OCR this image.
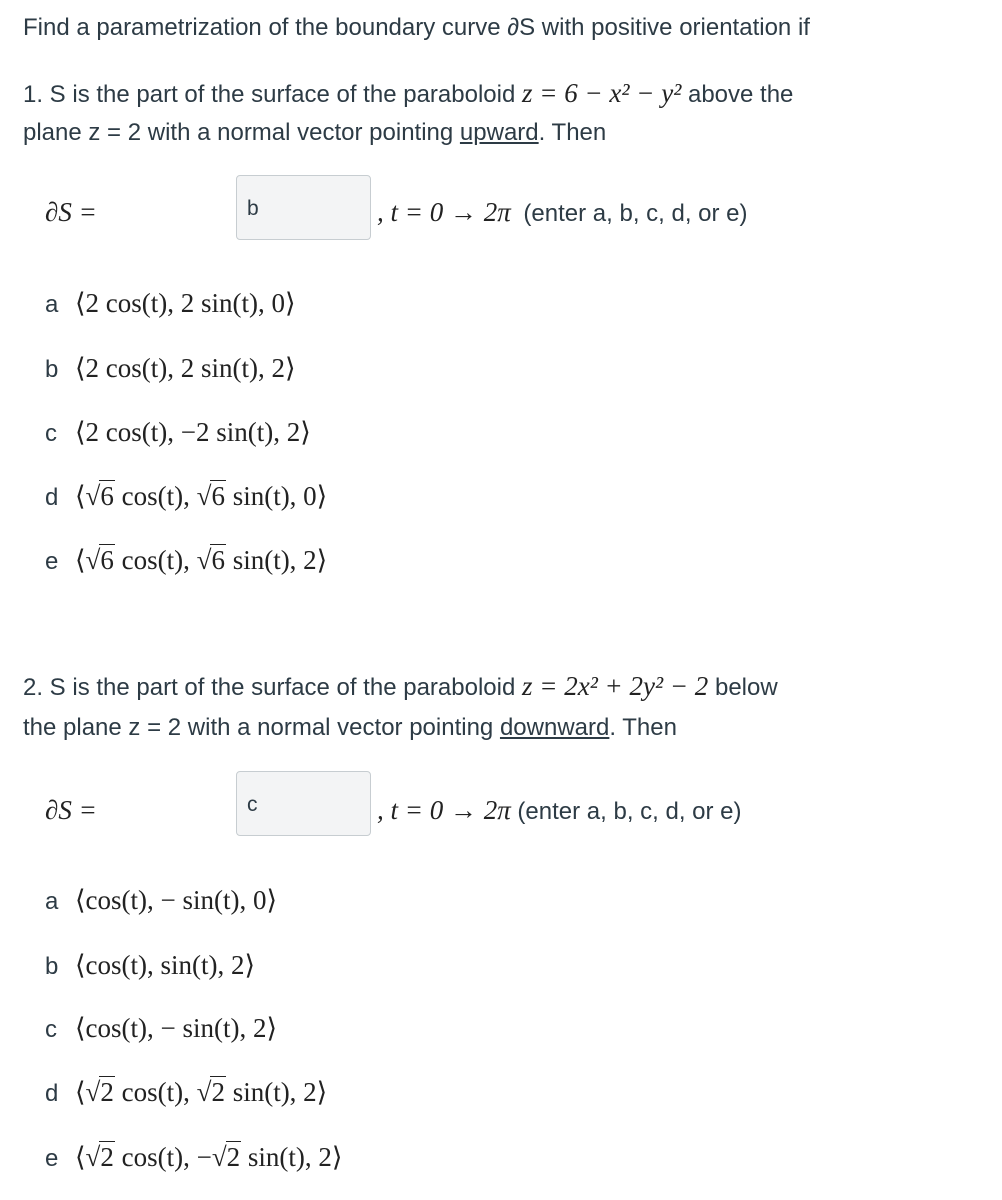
Find a parametrization of the boundary curve ∂S with positive orientation if
1. S is the part of the surface of the paraboloid z = 6 − x² − y² above the
plane z = 2 with a normal vector pointing upward. Then
∂S =	b	, t = 0 → 2π (enter a, b, c, d, or e)
a ⟨2 cos(t), 2 sin(t), 0⟩
b ⟨2 cos(t), 2 sin(t), 2⟩
c ⟨2 cos(t), −2 sin(t), 2⟩
d ⟨√6 cos(t), √6 sin(t), 0⟩
e ⟨√6 cos(t), √6 sin(t), 2⟩
2. S is the part of the surface of the paraboloid z = 2x² + 2y² − 2 below
the plane z = 2 with a normal vector pointing downward. Then
∂S =	c	, t = 0 → 2π (enter a, b, c, d, or e)
a ⟨cos(t), − sin(t), 0⟩
b ⟨cos(t), sin(t), 2⟩
c ⟨cos(t), − sin(t), 2⟩
d ⟨√2 cos(t), √2 sin(t), 2⟩
e ⟨√2 cos(t), −√2 sin(t), 2⟩
